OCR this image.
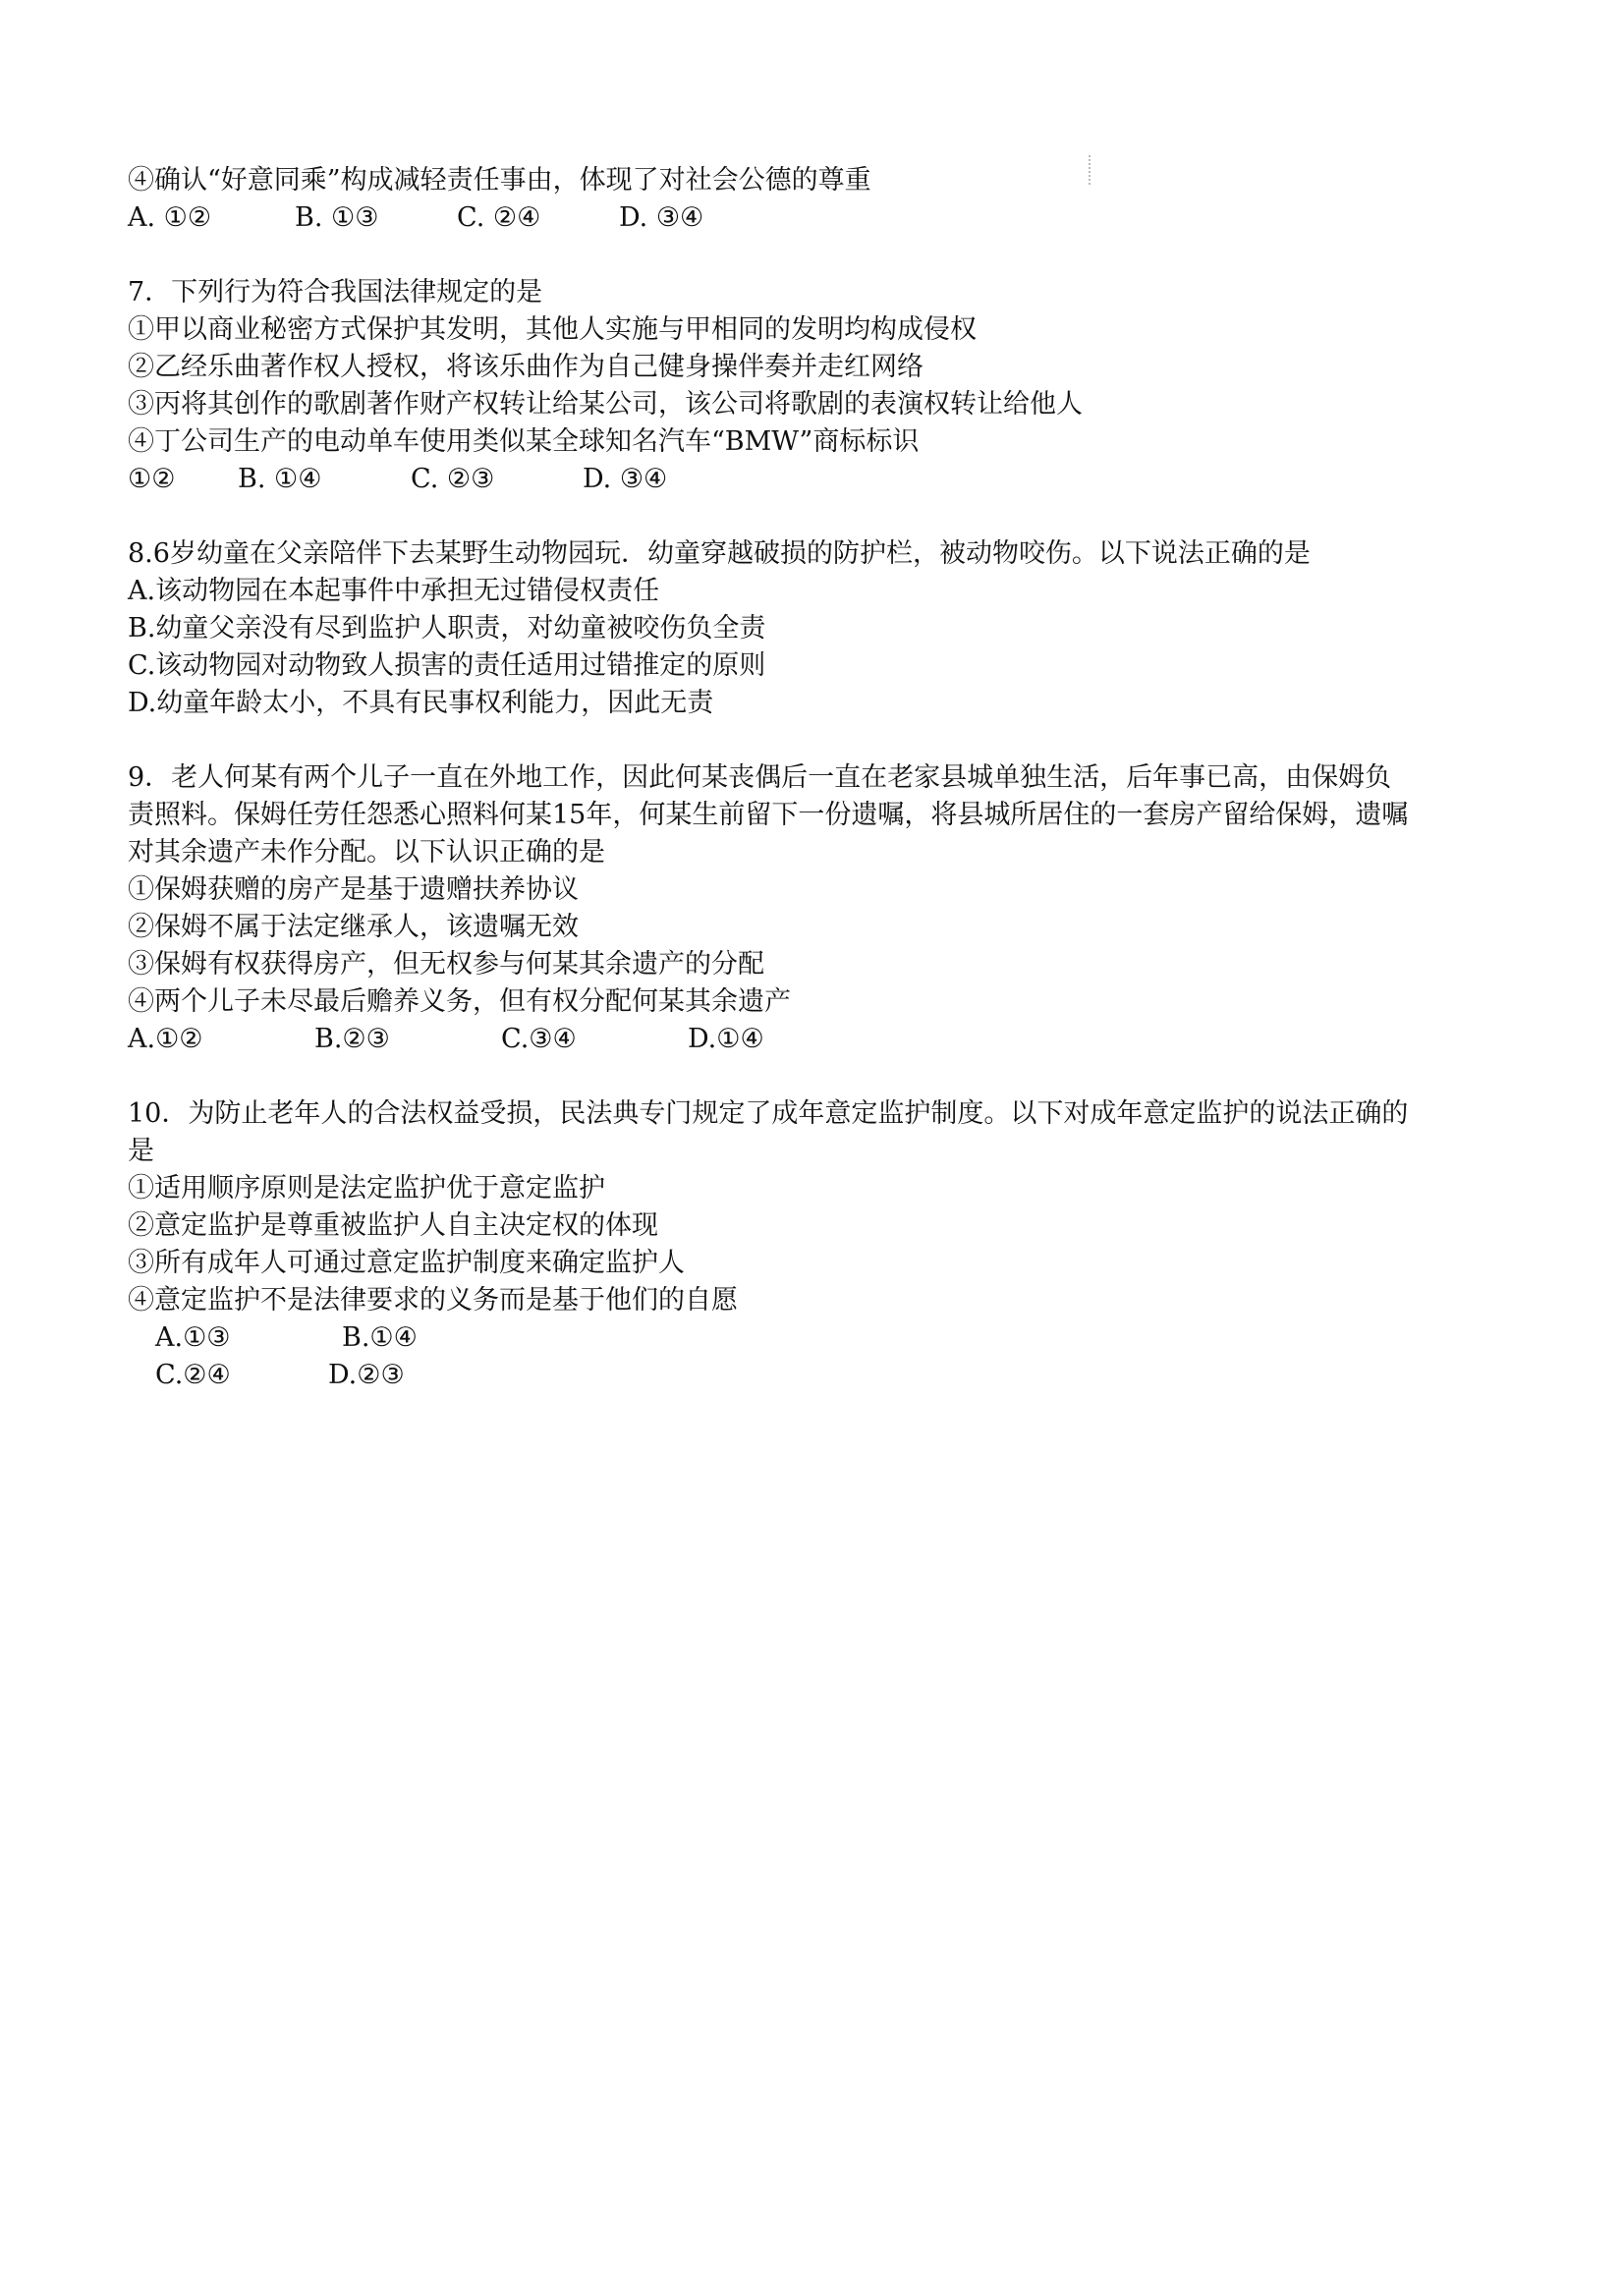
④确认“好意同乘”构成减轻责任事由，体现了对社会公德的尊重
A. ①②	B. ①③	C. ②④	D. ③④
7．下列行为符合我国法律规定的是
①甲以商业秘密方式保护其发明，其他人实施与甲相同的发明均构成侵权
②乙经乐曲著作权人授权，将该乐曲作为自己健身操伴奏并走红网络
③丙将其创作的歌剧著作财产权转让给某公司，该公司将歌剧的表演权转让给他人
④丁公司生产的电动单车使用类似某全球知名汽车“BMW”商标标识
①②	B. ①④	C. ②③	D. ③④
8.6岁幼童在父亲陪伴下去某野生动物园玩．幼童穿越破损的防护栏，被动物咬伤。以下说法正确的是
A.该动物园在本起事件中承担无过错侵权责任
B.幼童父亲没有尽到监护人职责，对幼童被咬伤负全责
C.该动物园对动物致人损害的责任适用过错推定的原则
D.幼童年龄太小，不具有民事权利能力，因此无责
9．老人何某有两个儿子一直在外地工作，因此何某丧偶后一直在老家县城单独生活，后年事已高，由保姆负
责照料。保姆任劳任怨悉心照料何某15年，何某生前留下一份遗嘱，将县城所居住的一套房产留给保姆，遗嘱
对其余遗产未作分配。以下认识正确的是
①保姆获赠的房产是基于遗赠扶养协议
②保姆不属于法定继承人，该遗嘱无效
③保姆有权获得房产，但无权参与何某其余遗产的分配
④两个儿子未尽最后赡养义务，但有权分配何某其余遗产
A.①②	B.②③	C.③④	D.①④
10．为防止老年人的合法权益受损，民法典专门规定了成年意定监护制度。以下对成年意定监护的说法正确的
是
①适用顺序原则是法定监护优于意定监护
②意定监护是尊重被监护人自主决定权的体现
③所有成年人可通过意定监护制度来确定监护人
④意定监护不是法律要求的义务而是基于他们的自愿
A.①③	B.①④
C.②④	D.②③
